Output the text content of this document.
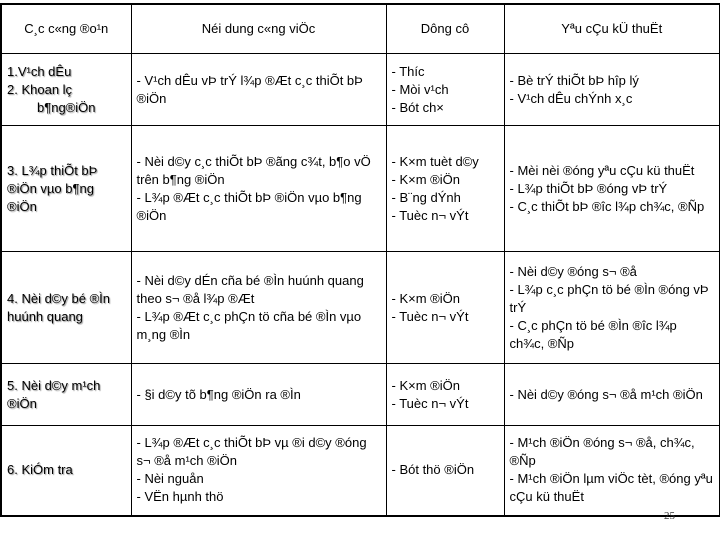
C¸c c«ng ®o¹n	Néi dung c«ng viÖc	Dông cô	Yªu cÇu kÜ thuËt

1.V¹ch dÊu
2. Khoan lç
b¶ng®iÖn	- V¹ch dÊu vÞ trÝ l¾p ®Æt c¸c thiÕt bÞ ®iÖn	- Thíc
- Mòi v¹ch
- Bót ch×	- Bè trÝ thiÕt bÞ hîp lý
- V¹ch dÊu chÝnh x¸c

3. L¾p thiÕt bÞ ®iÖn vµo b¶ng ®iÖn	- Nèi d©y c¸c thiÕt bÞ ®ãng c¾t, b¶o vÖ trên b¶ng ®iÖn
- L¾p ®Æt c¸c thiÕt bÞ ®iÖn vµo b¶ng ®iÖn	- K×m tuèt d©y
- K×m ®iÖn
- B¨ng dÝnh
- Tuèc n¬ vÝt	- Mèi nèi ®óng yªu cÇu kü thuËt
- L¾p thiÕt bÞ ®óng vÞ trÝ
- C¸c thiÕt bÞ ®îc l¾p ch¾c, ®Ñp

4. Nèi d©y bé ®Ìn huúnh quang	- Nèi d©y dÉn cña bé ®Ìn huúnh quang theo s¬ ®å l¾p ®Æt
- L¾p ®Æt c¸c phÇn tö cña bé ®Ìn vµo m¸ng ®Ìn	- K×m ®iÖn
- Tuèc n¬ vÝt	- Nèi d©y ®óng s¬ ®å
- L¾p c¸c phÇn tö bé ®Ìn ®óng vÞ trÝ
- C¸c phÇn tö bé ®Ìn ®îc l¾p ch¾c, ®Ñp

5. Nèi d©y m¹ch ®iÖn	- §i d©y tõ b¶ng ®iÖn ra ®Ìn	- K×m ®iÖn
- Tuèc n¬ vÝt	- Nèi d©y ®óng s¬ ®å m¹ch ®iÖn

6. KiÓm tra	- L¾p ®Æt c¸c thiÕt bÞ vµ ®i d©y ®óng s¬ ®å m¹ch ®iÖn
- Nèi nguån
- VËn hµnh thö	- Bót thö ®iÖn	- M¹ch ®iÖn ®óng s¬ ®å, ch¾c, ®Ñp
- M¹ch ®iÖn lµm viÖc tèt, ®óng yªu cÇu kü thuËt
25
